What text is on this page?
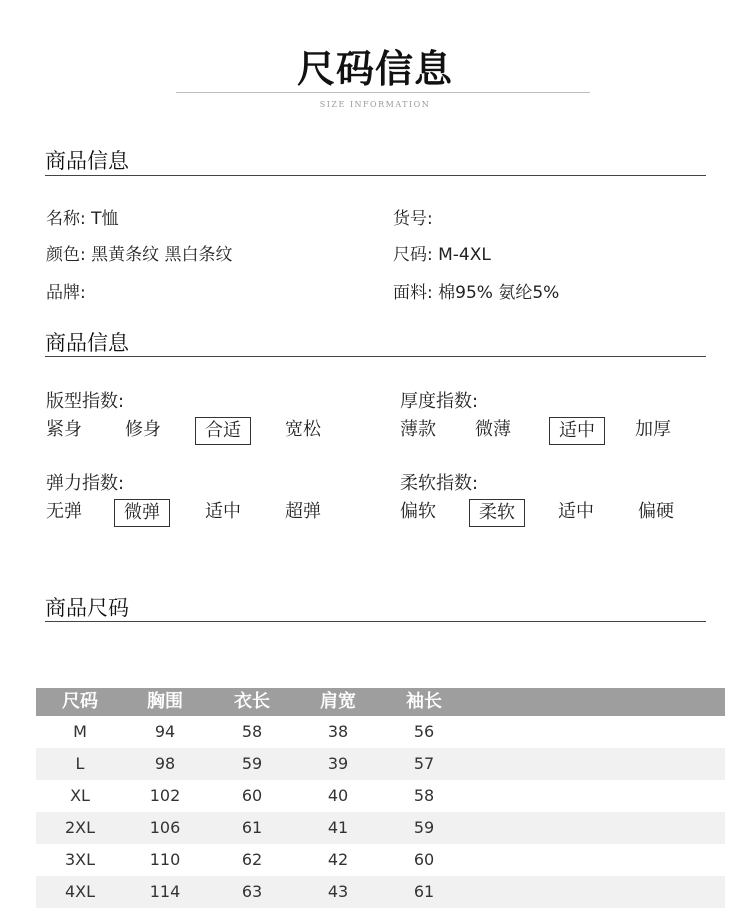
尺码信息
SIZE INFORMATION
商品信息
名称: T恤	货号:
颜色: 黑黄条纹 黑白条纹	尺码: M-4XL
品牌:	面料: 棉95% 氨纶5%
商品信息
版型指数:
紧身 修身	合适	宽松
厚度指数:
薄款 微薄	适中	加厚
弹力指数:
无弹	微弹	适中 超弹
柔软指数:
偏软	柔软	适中 偏硬
商品尺码
尺码	胸围	衣长	肩宽	袖长
M	94	58	38	56
L	98	59	39	57
XL	102	60	40	58
2XL	106	61	41	59
3XL	110	62	42	60
4XL	114	63	43	61
